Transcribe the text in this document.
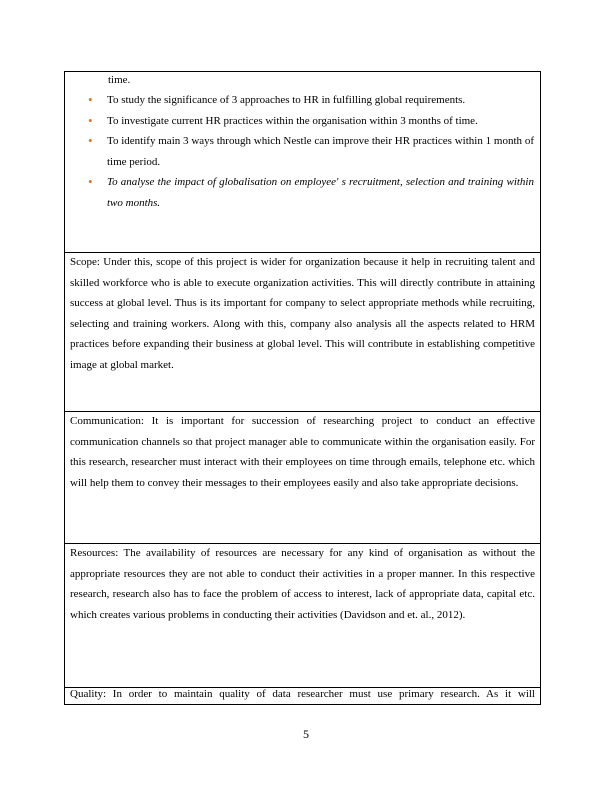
time.
• To study the significance of 3 approaches to HR in fulfilling global requirements.
• To investigate current HR practices within the organisation within 3 months of time.
• To identify main 3 ways through which Nestle can improve their HR practices within 1 month of time period.
• To analyse the impact of globalisation on employee' s recruitment, selection and training within two months.
Scope: Under this, scope of this project is wider for organization because it help in recruiting talent and skilled workforce who is able to execute organization activities. This will directly contribute in attaining success at global level. Thus is its important for company to select appropriate methods while recruiting, selecting and training workers. Along with this, company also analysis all the aspects related to HRM practices before expanding their business at global level. This will contribute in establishing competitive image at global market.
Communication: It is important for succession of researching project to conduct an effective communication channels so that project manager able to communicate within the organisation easily. For this research, researcher must interact with their employees on time through emails, telephone etc. which will help them to convey their messages to their employees easily and also take appropriate decisions.
Resources: The availability of resources are necessary for any kind of organisation as without the appropriate resources they are not able to conduct their activities in a proper manner. In this respective research, research also has to face the problem of access to interest, lack of appropriate data, capital etc. which creates various problems in conducting their activities (Davidson and et. al., 2012).
Quality: In order to maintain quality of data researcher must use primary research. As it will
5
